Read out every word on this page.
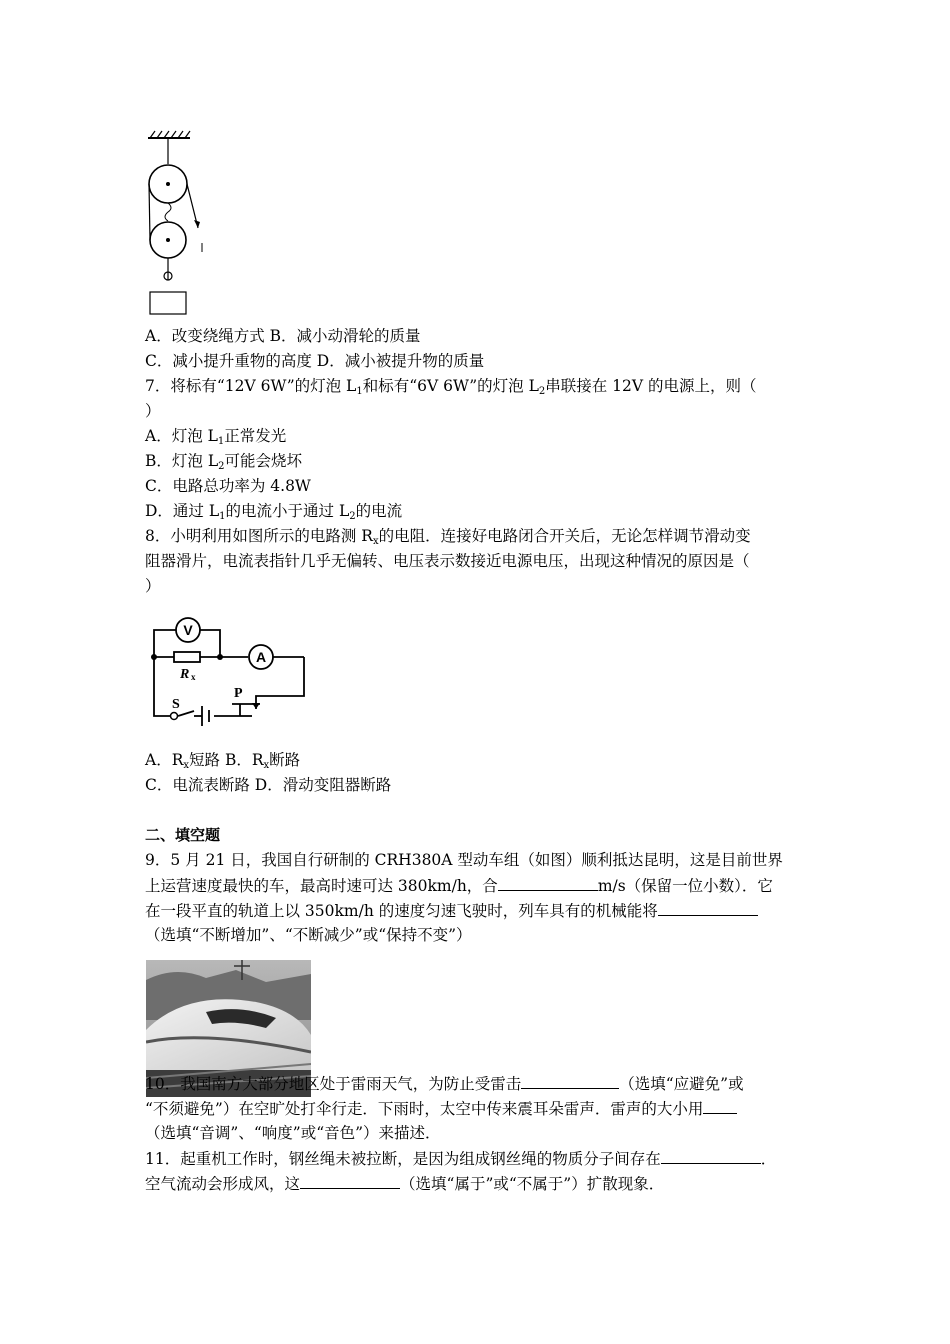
A．改变绕绳方式 B．减小动滑轮的质量
C．减小提升重物的高度 D．减小被提升物的质量
7．将标有“12V 6W”的灯泡 $L_1$和标有“6V 6W”的灯泡 $L_2$串联接在 12V 的电源上，则（
）
A．灯泡 $L_1$正常发光
B．灯泡 $L_2$可能会烧坏
C．电路总功率为 4.8W
D．通过 $L_1$的电流小于通过 $L_2$的电流
8．小明利用如图所示的电路测 $R_x$的电阻．连接好电路闭合开关后，无论怎样调节滑动变
阻器滑片，电流表指针几乎无偏转、电压表示数接近电源电压，出现这种情况的原因是（
）
V
A
R x
S
P
A．$R_x$短路 B．$R_x$断路
C．电流表断路 D．滑动变阻器断路
二、填空题
9．5 月 21 日，我国自行研制的 CRH380A 型动车组（如图）顺利抵达昆明，这是目前世界
上运营速度最快的车，最高时速可达 380km/h，合	m/s（保留一位小数）．它
在一段平直的轨道上以 350km/h 的速度匀速飞驶时，列车具有的机械能将
（选填“不断增加”、“不断减少”或“保持不变”）
10．我国南方大部分地区处于雷雨天气，为防止受雷击	（选填“应避免”或
“不须避免”）在空旷处打伞行走．下雨时，太空中传来震耳朵雷声．雷声的大小用
（选填“音调”、“响度”或“音色”）来描述．
11．起重机工作时，钢丝绳未被拉断，是因为组成钢丝绳的物质分子间存在	．
空气流动会形成风，这	（选填“属于”或“不属于”）扩散现象．
